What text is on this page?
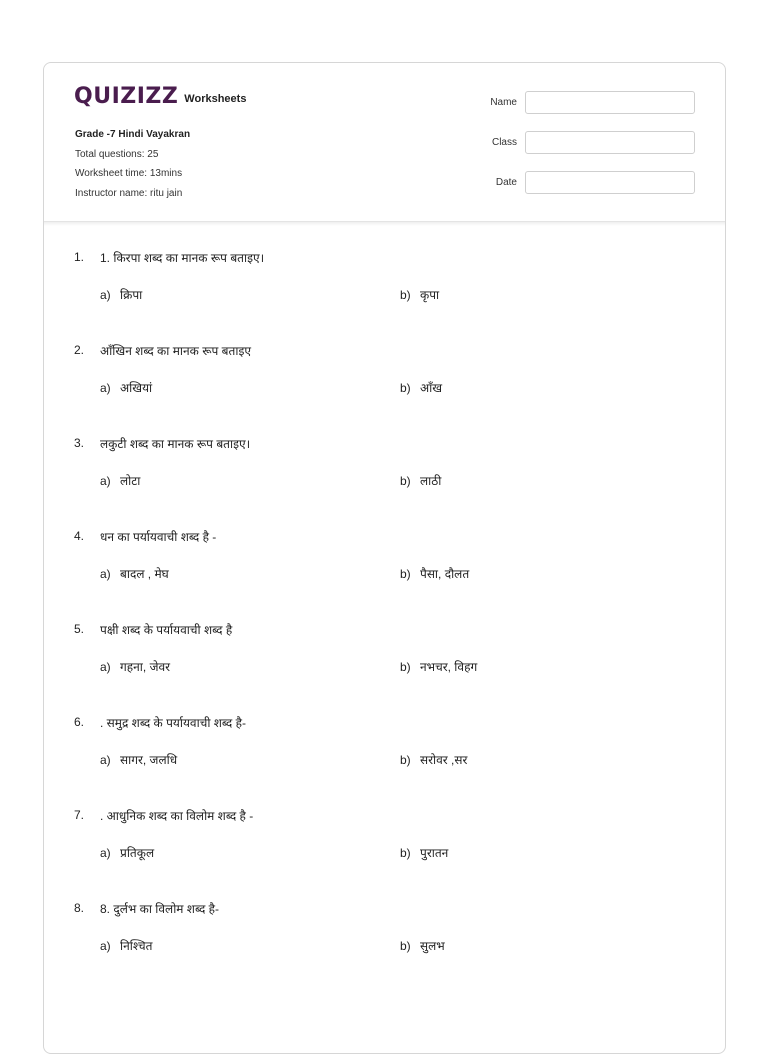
QUIZIZZ Worksheets
Grade -7 Hindi Vayakran
Total questions: 25
Worksheet time: 13mins
Instructor name: ritu jain
Name
Class
Date
1.	1. किरपा शब्द का मानक रूप बताइए।
a) क्रिपा	b) कृपा
2.	आँखिन शब्द का मानक रूप बताइए
a) अखियां	b) आँख
3.	लकुटी शब्द का मानक रूप बताइए।
a) लोटा	b) लाठी
4.	धन का पर्यायवाची शब्द है -
a) बादल , मेघ	b) पैसा, दौलत
5.	पक्षी शब्द के पर्यायवाची शब्द है
a) गहना, जेवर	b) नभचर, विहग
6.	. समुद्र शब्द के पर्यायवाची शब्द है-
a) सागर, जलधि	b) सरोवर ,सर
7.	. आधुनिक शब्द का विलोम शब्द है -
a) प्रतिकूल	b) पुरातन
8.	8. दुर्लभ का विलोम शब्द है-
a) निश्चित	b) सुलभ
